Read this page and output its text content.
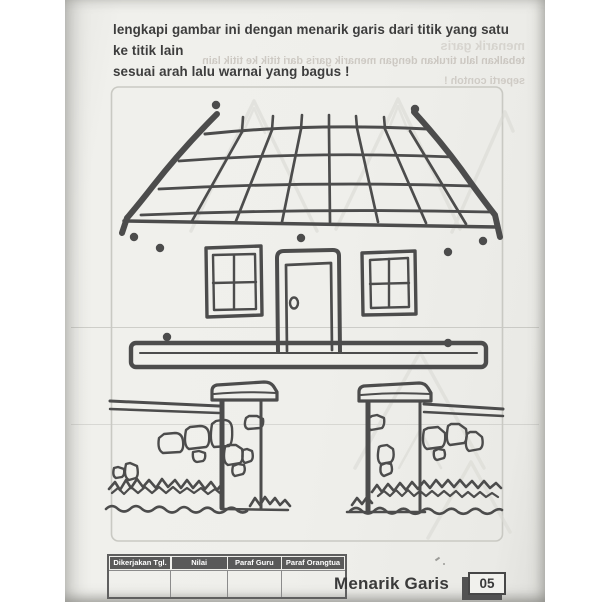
menarik garis
tebalkan lalu tirukan dengan menarik garis dari titik ke titik lain
seperti contoh !
lengkapi gambar ini dengan menarik garis dari titik yang satu ke titik lain
sesuai arah lalu warnai yang bagus !
Dikerjakan Tgl.	Nilai	Paraf Guru	Paraf Orangtua
Menarik Garis	05
